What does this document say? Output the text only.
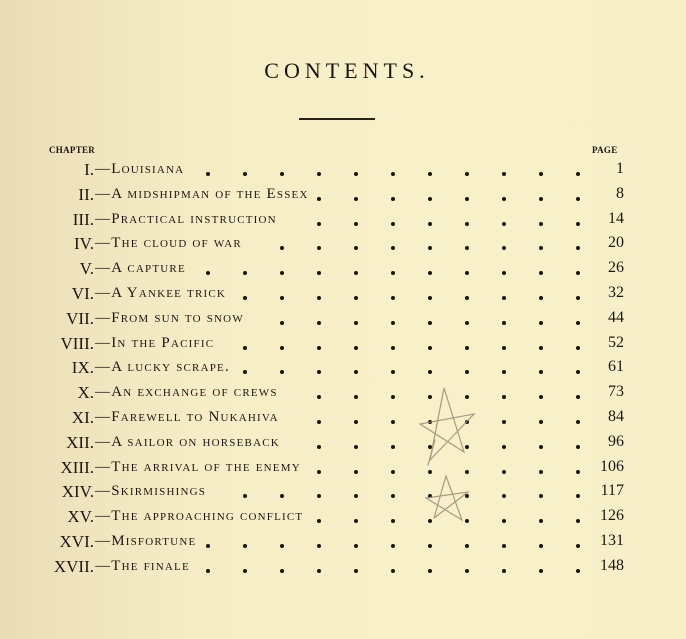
CONTENTS.
CHAPTER	PAGE
I. —Louisiana	1
II. —A midshipman of the Essex	8
III. —Practical instruction	14
IV. —The cloud of war	20
V. —A capture	26
VI. —A Yankee trick	32
VII. —From sun to snow	44
VIII. —In the Pacific	52
IX. —A lucky scrape.	61
X. —An exchange of crews	73
XI. —Farewell to Nukahiva	84
XII. —A sailor on horseback	96
XIII. —The arrival of the enemy	106
XIV. —Skirmishings	117
XV. —The approaching conflict	126
XVI. —Misfortune	131
XVII. —The finale	148
